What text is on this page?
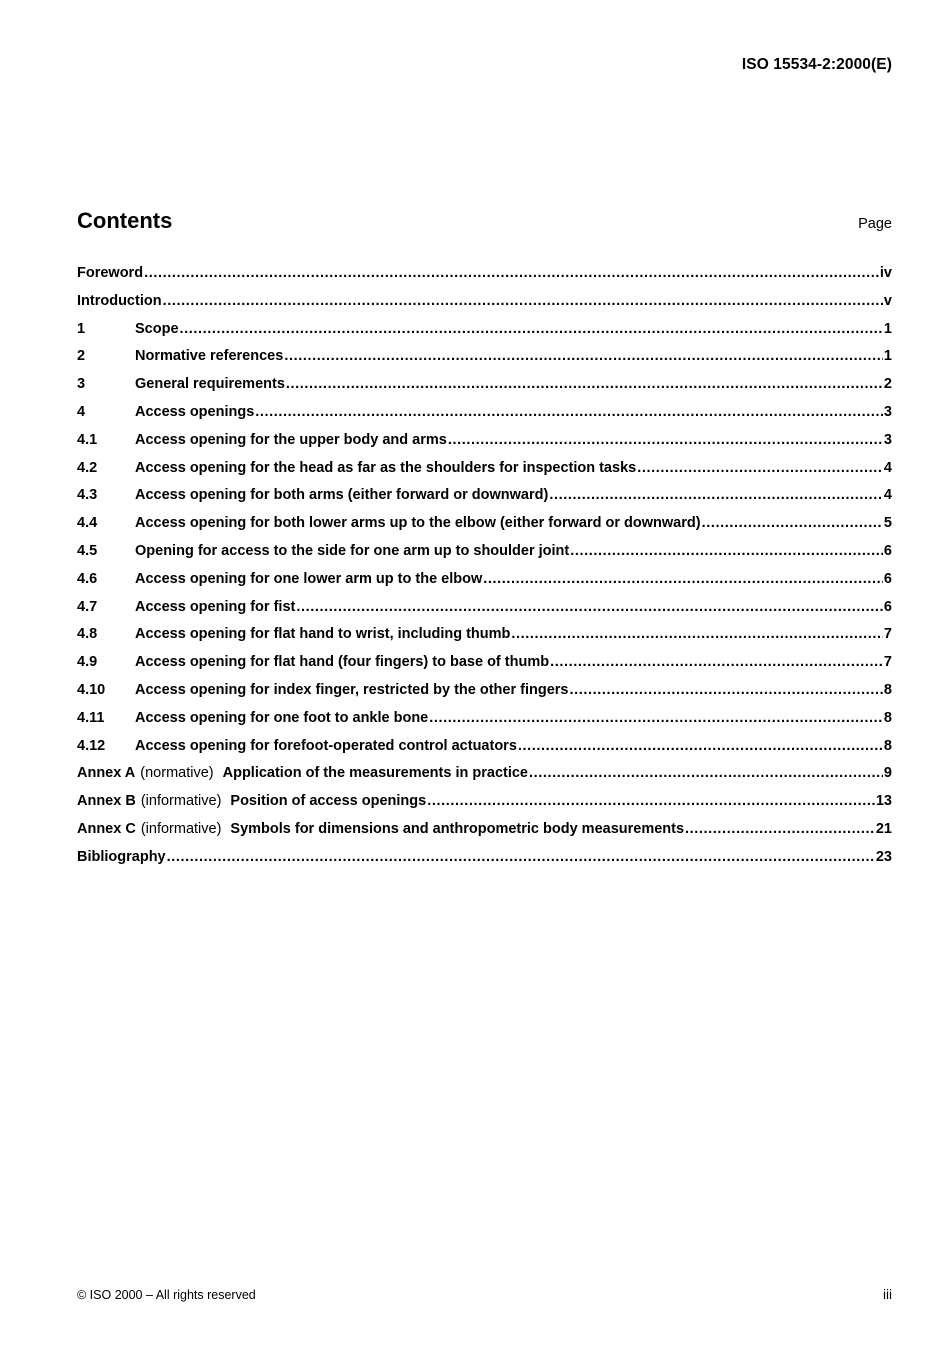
ISO 15534-2:2000(E)
Contents	Page
Foreword .....	iv
Introduction .....	v
1	Scope .....	1
2	Normative references .....	1
3	General requirements .....	2
4	Access openings .....	3
4.1	Access opening for the upper body and arms .....	3
4.2	Access opening for the head as far as the shoulders for inspection tasks .....	4
4.3	Access opening for both arms (either forward or downward) .....	4
4.4	Access opening for both lower arms up to the elbow (either forward or downward) .....	5
4.5	Opening for access to the side for one arm up to shoulder joint .....	6
4.6	Access opening for one lower arm up to the elbow .....	6
4.7	Access opening for fist .....	6
4.8	Access opening for flat hand to wrist, including thumb .....	7
4.9	Access opening for flat hand (four fingers) to base of thumb .....	7
4.10	Access opening for index finger, restricted by the other fingers .....	8
4.11	Access opening for one foot to ankle bone .....	8
4.12	Access opening for forefoot-operated control actuators .....	8
Annex A (normative) Application of the measurements in practice .....	9
Annex B (informative) Position of access openings .....	13
Annex C (informative) Symbols for dimensions and anthropometric body measurements .....	21
Bibliography .....	23
© ISO 2000 – All rights reserved	iii
